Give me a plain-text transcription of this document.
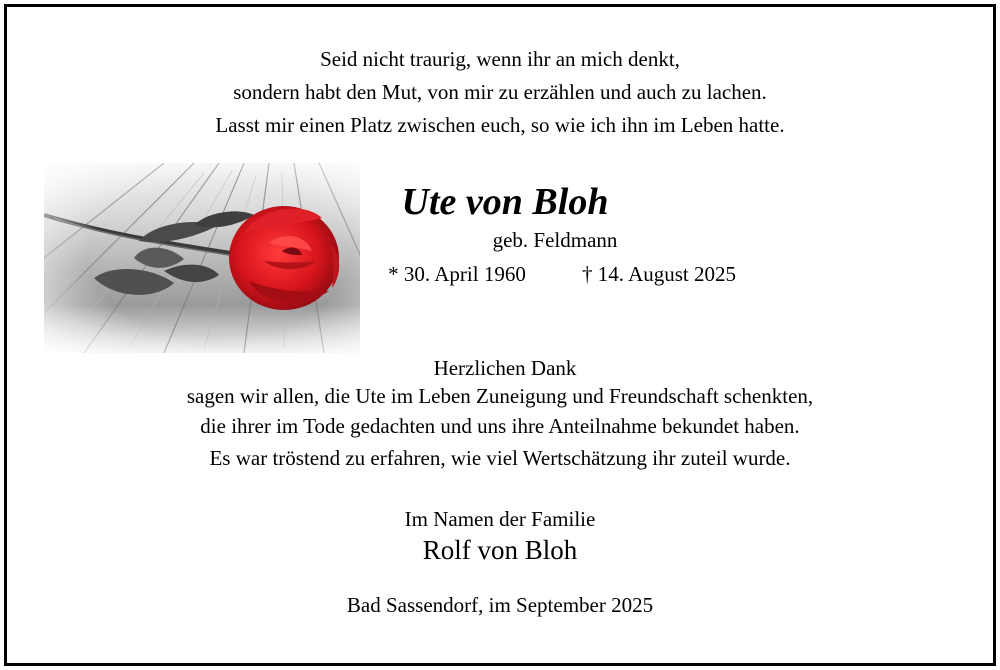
Seid nicht traurig, wenn ihr an mich denkt,
sondern habt den Mut, von mir zu erzählen und auch zu lachen.
Lasst mir einen Platz zwischen euch, so wie ich ihn im Leben hatte.
Ute von Bloh
geb. Feldmann
* 30. April 1960	† 14. August 2025
Herzlichen Dank
sagen wir allen, die Ute im Leben Zuneigung und Freundschaft schenkten,
die ihrer im Tode gedachten und uns ihre Anteilnahme bekundet haben.
Es war tröstend zu erfahren, wie viel Wertschätzung ihr zuteil wurde.
Im Namen der Familie
Rolf von Bloh
Bad Sassendorf, im September 2025
